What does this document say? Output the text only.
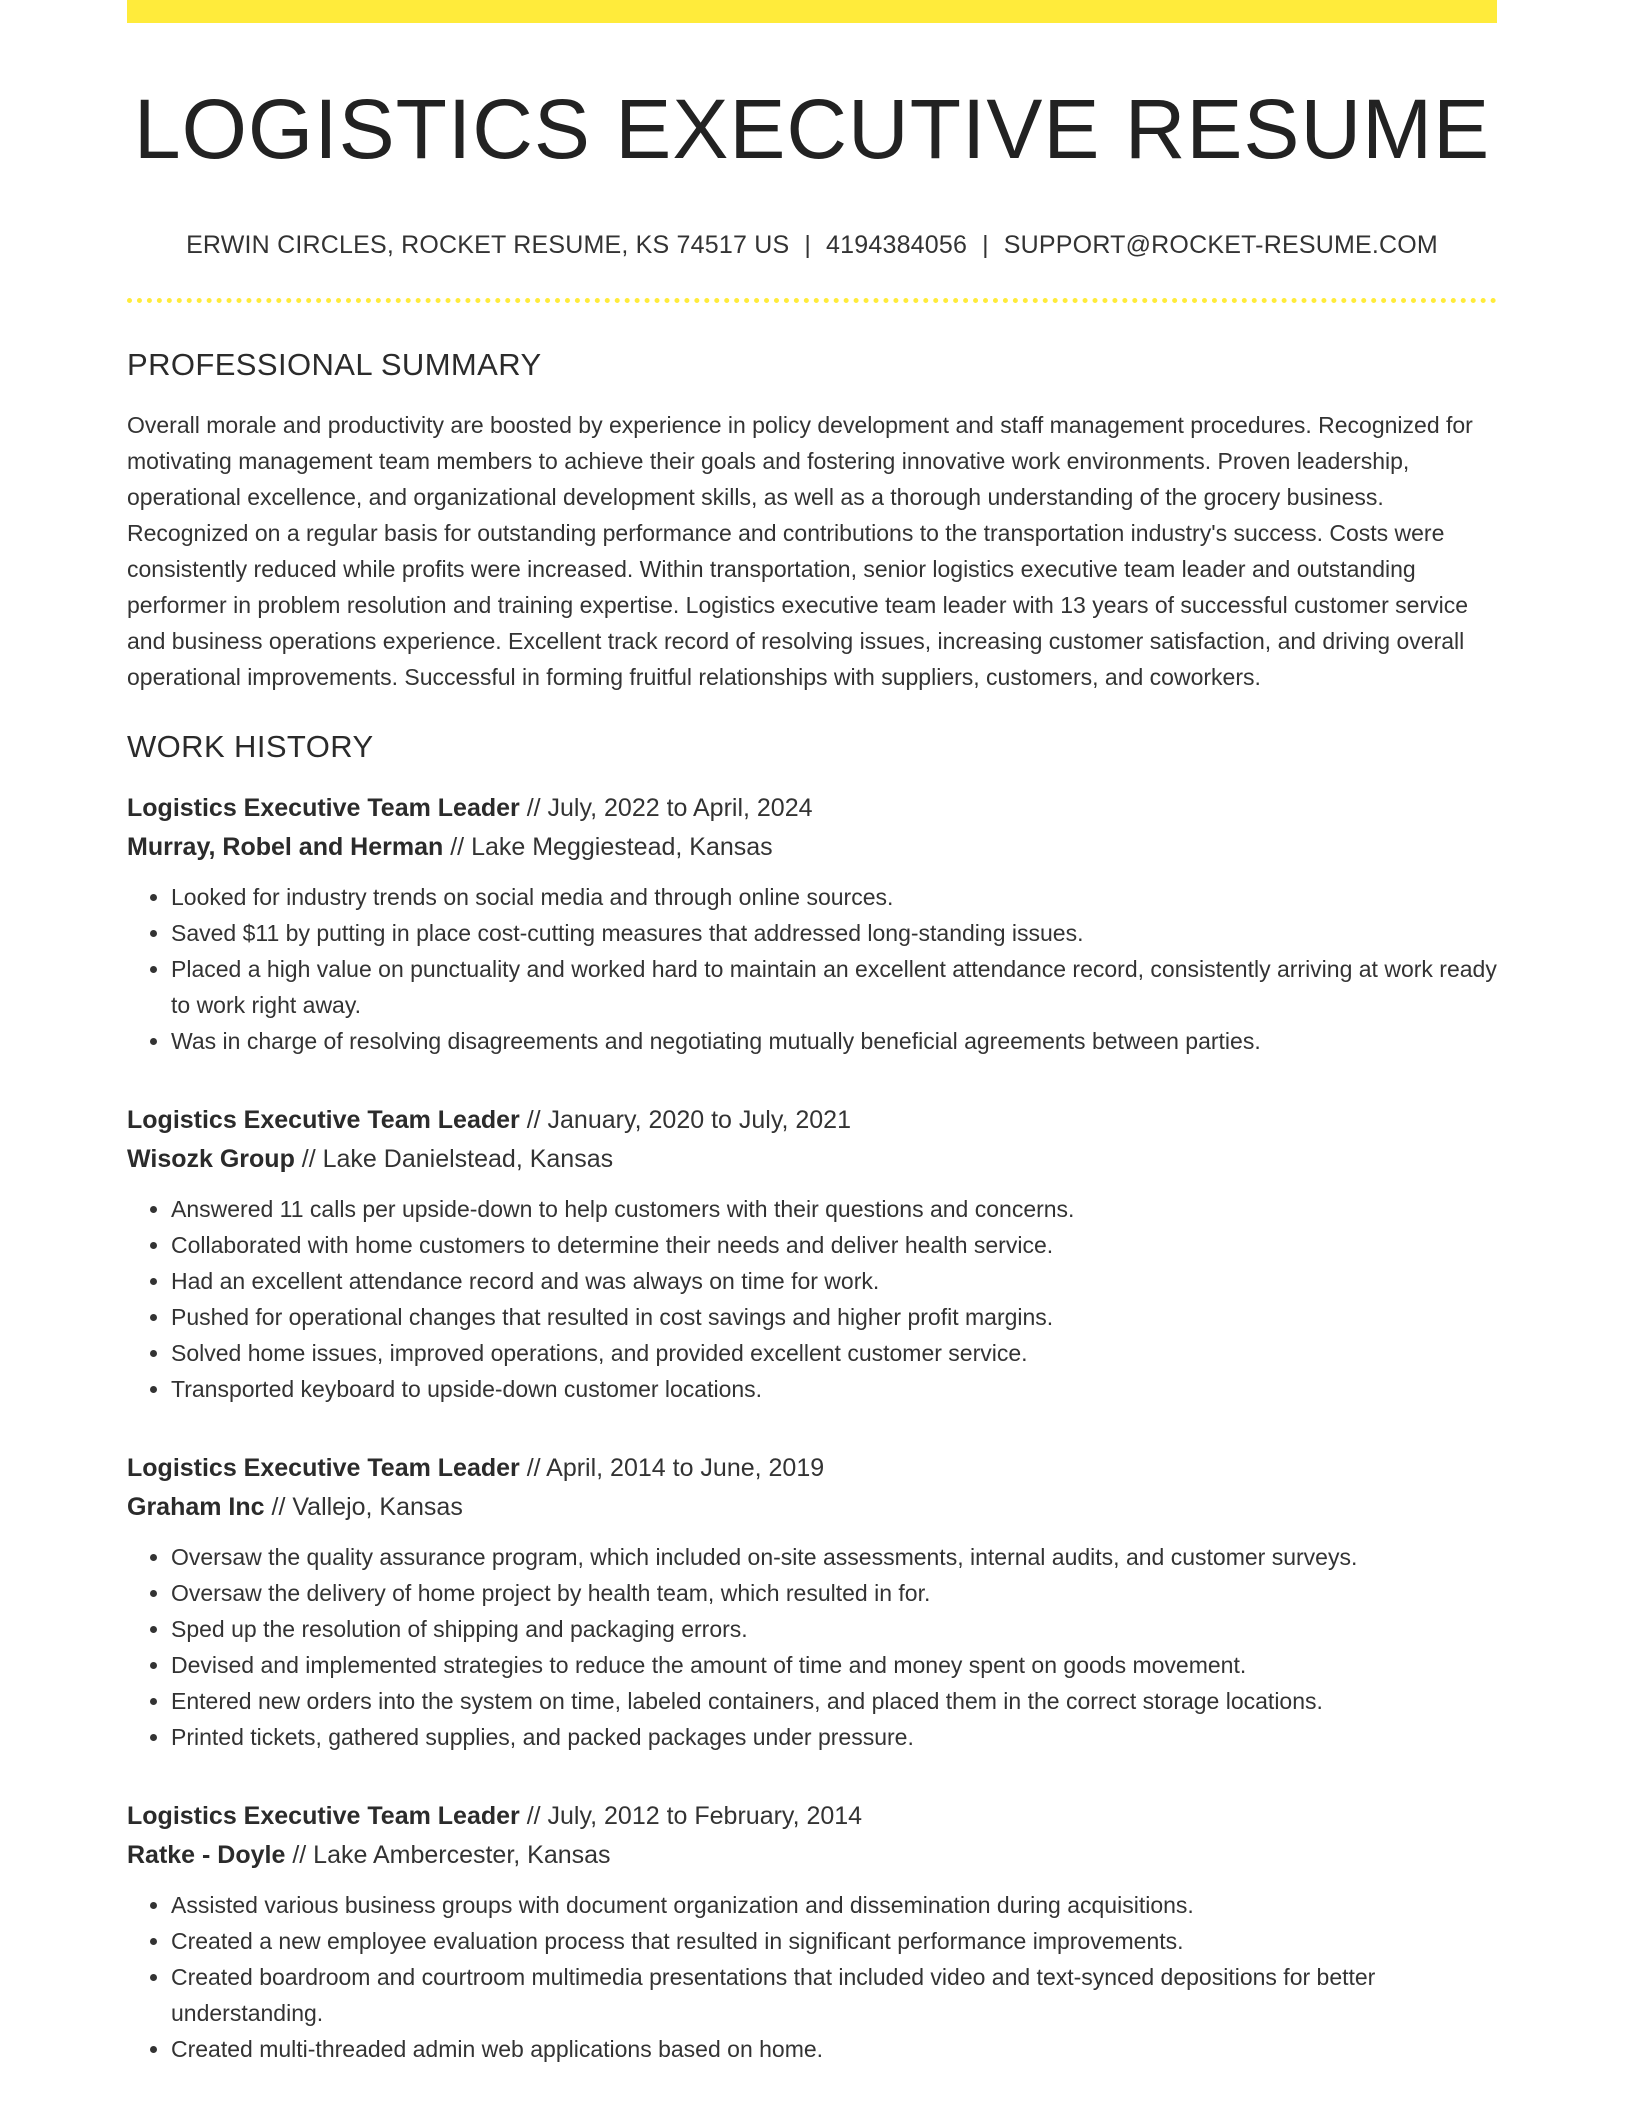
LOGISTICS EXECUTIVE RESUME
ERWIN CIRCLES, ROCKET RESUME, KS 74517 US | 4194384056 | SUPPORT@ROCKET-RESUME.COM
PROFESSIONAL SUMMARY

Overall morale and productivity are boosted by experience in policy development and staff management procedures. Recognized for motivating management team members to achieve their goals and fostering innovative work environments. Proven leadership, operational excellence, and organizational development skills, as well as a thorough understanding of the grocery business. Recognized on a regular basis for outstanding performance and contributions to the transportation industry's success. Costs were consistently reduced while profits were increased. Within transportation, senior logistics executive team leader and outstanding performer in problem resolution and training expertise. Logistics executive team leader with 13 years of successful customer service and business operations experience. Excellent track record of resolving issues, increasing customer satisfaction, and driving overall operational improvements. Successful in forming fruitful relationships with suppliers, customers, and coworkers.

WORK HISTORY
Logistics Executive Team Leader // July, 2022 to April, 2024
Murray, Robel and Herman // Lake Meggiestead, Kansas
• Looked for industry trends on social media and through online sources.
• Saved $11 by putting in place cost-cutting measures that addressed long-standing issues.
• Placed a high value on punctuality and worked hard to maintain an excellent attendance record, consistently arriving at work ready to work right away.
• Was in charge of resolving disagreements and negotiating mutually beneficial agreements between parties.
Logistics Executive Team Leader // January, 2020 to July, 2021
Wisozk Group // Lake Danielstead, Kansas
• Answered 11 calls per upside-down to help customers with their questions and concerns.
• Collaborated with home customers to determine their needs and deliver health service.
• Had an excellent attendance record and was always on time for work.
• Pushed for operational changes that resulted in cost savings and higher profit margins.
• Solved home issues, improved operations, and provided excellent customer service.
• Transported keyboard to upside-down customer locations.
Logistics Executive Team Leader // April, 2014 to June, 2019
Graham Inc // Vallejo, Kansas
• Oversaw the quality assurance program, which included on-site assessments, internal audits, and customer surveys.
• Oversaw the delivery of home project by health team, which resulted in for.
• Sped up the resolution of shipping and packaging errors.
• Devised and implemented strategies to reduce the amount of time and money spent on goods movement.
• Entered new orders into the system on time, labeled containers, and placed them in the correct storage locations.
• Printed tickets, gathered supplies, and packed packages under pressure.
Logistics Executive Team Leader // July, 2012 to February, 2014
Ratke - Doyle // Lake Ambercester, Kansas
• Assisted various business groups with document organization and dissemination during acquisitions.
• Created a new employee evaluation process that resulted in significant performance improvements.
• Created boardroom and courtroom multimedia presentations that included video and text-synced depositions for better understanding.
• Created multi-threaded admin web applications based on home.
